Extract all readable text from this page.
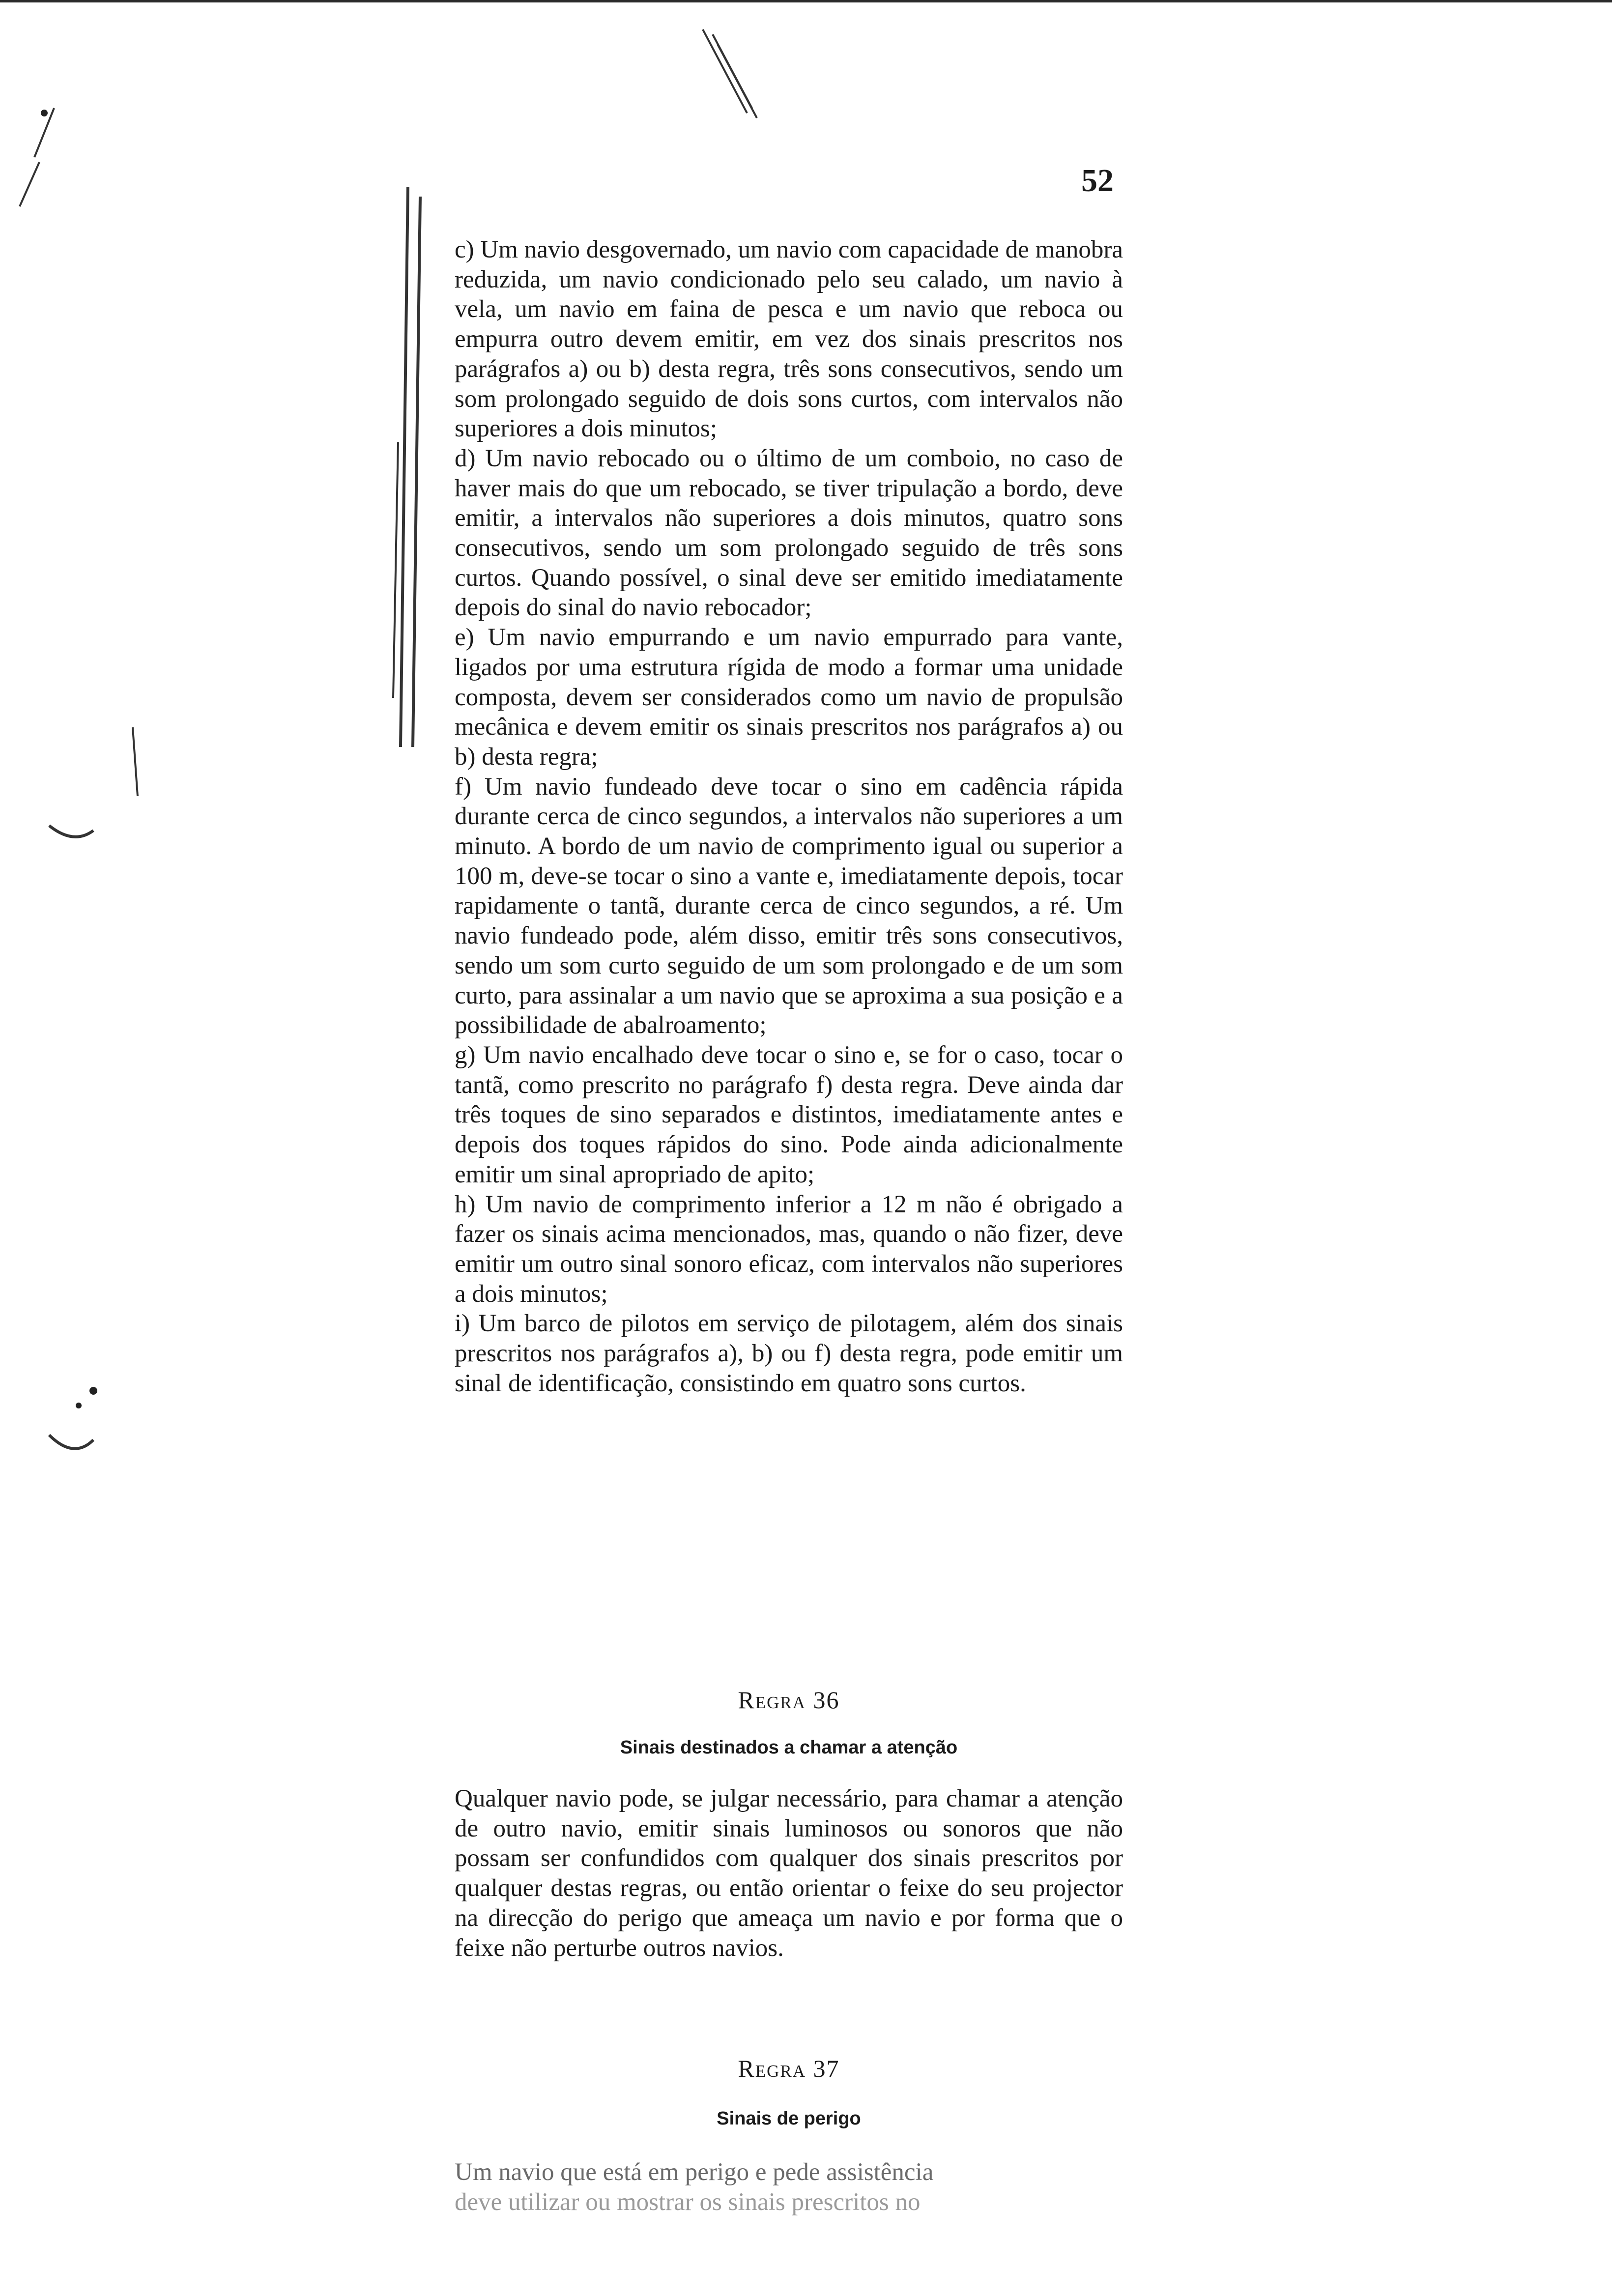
52

c) Um navio desgovernado, um navio com capacidade de manobra reduzida, um navio condicionado pelo seu calado, um navio à vela, um navio em faina de pesca e um navio que reboca ou empurra outro devem emitir, em vez dos sinais prescritos nos parágrafos a) ou b) desta regra, três sons consecutivos, sendo um som prolongado seguido de dois sons curtos, com intervalos não superiores a dois minutos;

d) Um navio rebocado ou o último de um comboio, no caso de haver mais do que um rebocado, se tiver tripulação a bordo, deve emitir, a intervalos não superiores a dois minutos, quatro sons consecutivos, sendo um som prolongado seguido de três sons curtos. Quando possível, o sinal deve ser emitido imediatamente depois do sinal do navio rebocador;

e) Um navio empurrando e um navio empurrado para vante, ligados por uma estrutura rígida de modo a formar uma unidade composta, devem ser considerados como um navio de propulsão mecânica e devem emitir os sinais prescritos nos parágrafos a) ou b) desta regra;

f) Um navio fundeado deve tocar o sino em cadência rápida durante cerca de cinco segundos, a intervalos não superiores a um minuto. A bordo de um navio de comprimento igual ou superior a 100 m, deve-se tocar o sino a vante e, imediatamente depois, tocar rapidamente o tantã, durante cerca de cinco segundos, a ré. Um navio fundeado pode, além disso, emitir três sons consecutivos, sendo um som curto seguido de um som prolongado e de um som curto, para assinalar a um navio que se aproxima a sua posição e a possibilidade de abalroamento;

g) Um navio encalhado deve tocar o sino e, se for o caso, tocar o tantã, como prescrito no parágrafo f) desta regra. Deve ainda dar três toques de sino separados e distintos, imediatamente antes e depois dos toques rápidos do sino. Pode ainda adicionalmente emitir um sinal apropriado de apito;

h) Um navio de comprimento inferior a 12 m não é obrigado a fazer os sinais acima mencionados, mas, quando o não fizer, deve emitir um outro sinal sonoro eficaz, com intervalos não superiores a dois minutos;

i) Um barco de pilotos em serviço de pilotagem, além dos sinais prescritos nos parágrafos a), b) ou f) desta regra, pode emitir um sinal de identificação, consistindo em quatro sons curtos.

Regra 36
Sinais destinados a chamar a atenção

Qualquer navio pode, se julgar necessário, para chamar a atenção de outro navio, emitir sinais luminosos ou sonoros que não possam ser confundidos com qualquer dos sinais prescritos por qualquer destas regras, ou então orientar o feixe do seu projector na direcção do perigo que ameaça um navio e por forma que o feixe não perturbe outros navios.

Regra 37
Sinais de perigo

Um navio que está em perigo e pede assistência

deve utilizar ou mostrar os sinais prescritos no
